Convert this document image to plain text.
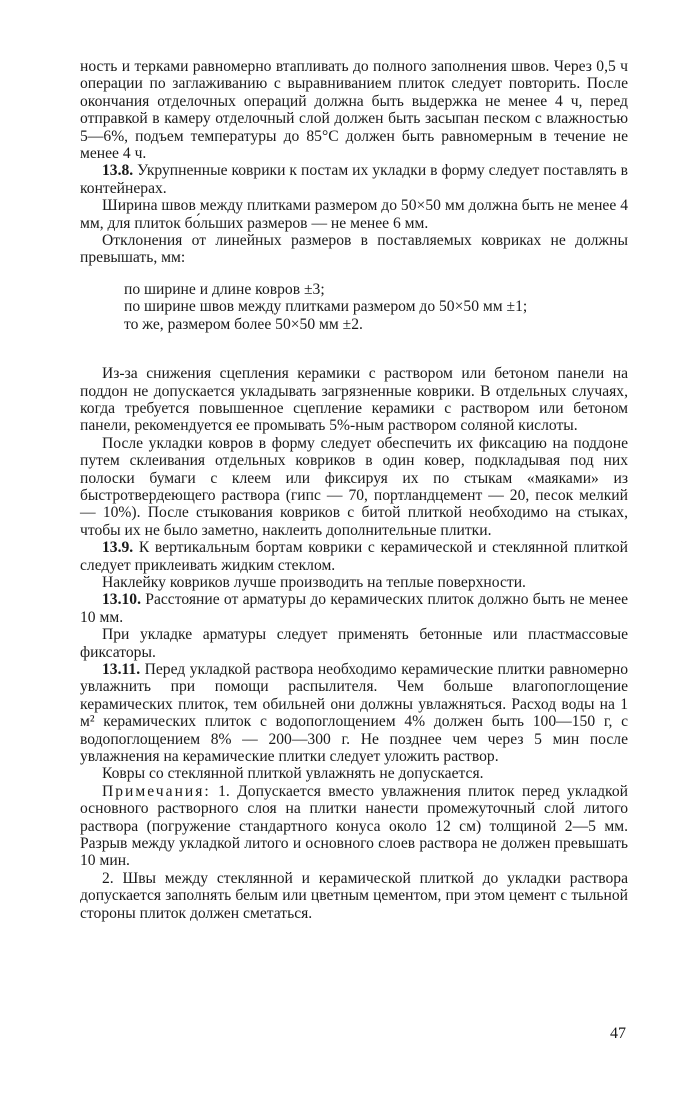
ность и терками равномерно втапливать до полного заполнения швов. Через 0,5 ч операции по заглаживанию с выравниванием плиток следует повторить. После окончания отделочных операций должна быть выдержка не менее 4 ч, перед отправкой в камеру отделочный слой должен быть засыпан песком с влажностью 5—6%, подъем температуры до 85°С должен быть равномерным в течение не менее 4 ч.

13.8. Укрупненные коврики к постам их укладки в форму следует поставлять в контейнерах.

Ширина швов между плитками размером до 50×50 мм должна быть не менее 4 мм, для плиток бо́льших размеров — не менее 6 мм.

Отклонения от линейных размеров в поставляемых ковриках не должны превышать, мм:

по ширине и длине ковров ±3;
по ширине швов между плитками размером до 50×50 мм ±1;
то же, размером более 50×50 мм ±2.

Из-за снижения сцепления керамики с раствором или бетоном панели на поддон не допускается укладывать загрязненные коврики. В отдельных случаях, когда требуется повышенное сцепление керамики с раствором или бетоном панели, рекомендуется ее промывать 5%-ным раствором соляной кислоты.

После укладки ковров в форму следует обеспечить их фиксацию на поддоне путем склеивания отдельных ковриков в один ковер, подкладывая под них полоски бумаги с клеем или фиксируя их по стыкам «маяками» из быстротвердеющего раствора (гипс — 70, портландцемент — 20, песок мелкий — 10%). После стыкования ковриков с битой плиткой необходимо на стыках, чтобы их не было заметно, наклеить дополнительные плитки.

13.9. К вертикальным бортам коврики с керамической и стеклянной плиткой следует приклеивать жидким стеклом.

Наклейку ковриков лучше производить на теплые поверхности.

13.10. Расстояние от арматуры до керамических плиток должно быть не менее 10 мм.

При укладке арматуры следует применять бетонные или пластмассовые фиксаторы.

13.11. Перед укладкой раствора необходимо керамические плитки равномерно увлажнить при помощи распылителя. Чем больше влагопоглощение керамических плиток, тем обильней они должны увлажняться. Расход воды на 1 м² керамических плиток с водопоглощением 4% должен быть 100—150 г, с водопоглощением 8% — 200—300 г. Не позднее чем через 5 мин после увлажнения на керамические плитки следует уложить раствор.

Ковры со стеклянной плиткой увлажнять не допускается.

Примечания: 1. Допускается вместо увлажнения плиток перед укладкой основного растворного слоя на плитки нанести промежуточный слой литого раствора (погружение стандартного конуса около 12 см) толщиной 2—5 мм. Разрыв между укладкой литого и основного слоев раствора не должен превышать 10 мин.

2. Швы между стеклянной и керамической плиткой до укладки раствора допускается заполнять белым или цветным цементом, при этом цемент с тыльной стороны плиток должен сметаться.

47
